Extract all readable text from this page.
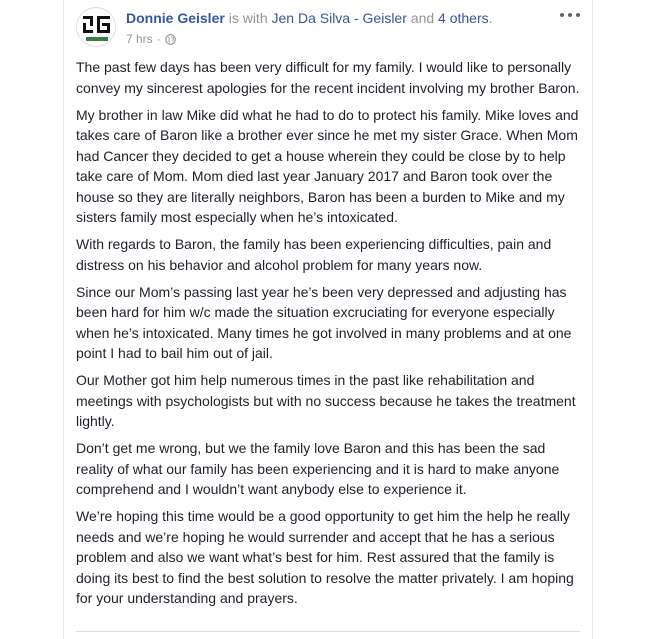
Donnie Geisler is with Jen Da Silva - Geisler and 4 others.
7 hrs ·

The past few days has been very difficult for my family. I would like to personally convey my sincerest apologies for the recent incident involving my brother Baron.

My brother in law Mike did what he had to do to protect his family. Mike loves and takes care of Baron like a brother ever since he met my sister Grace. When Mom had Cancer they decided to get a house wherein they could be close by to help take care of Mom. Mom died last year January 2017 and Baron took over the house so they are literally neighbors, Baron has been a burden to Mike and my sisters family most especially when he’s intoxicated.

With regards to Baron, the family has been experiencing difficulties, pain and distress on his behavior and alcohol problem for many years now.

Since our Mom’s passing last year he’s been very depressed and adjusting has been hard for him w/c made the situation excruciating for everyone especially when he’s intoxicated. Many times he got involved in many problems and at one point I had to bail him out of jail.

Our Mother got him help numerous times in the past like rehabilitation and meetings with psychologists but with no success because he takes the treatment lightly.

Don’t get me wrong, but we the family love Baron and this has been the sad reality of what our family has been experiencing and it is hard to make anyone comprehend and I wouldn’t want anybody else to experience it.

We’re hoping this time would be a good opportunity to get him the help he really needs and we’re hoping he would surrender and accept that he has a serious problem and also we want what’s best for him. Rest assured that the family is doing its best to find the best solution to resolve the matter privately. I am hoping for your understanding and prayers.
